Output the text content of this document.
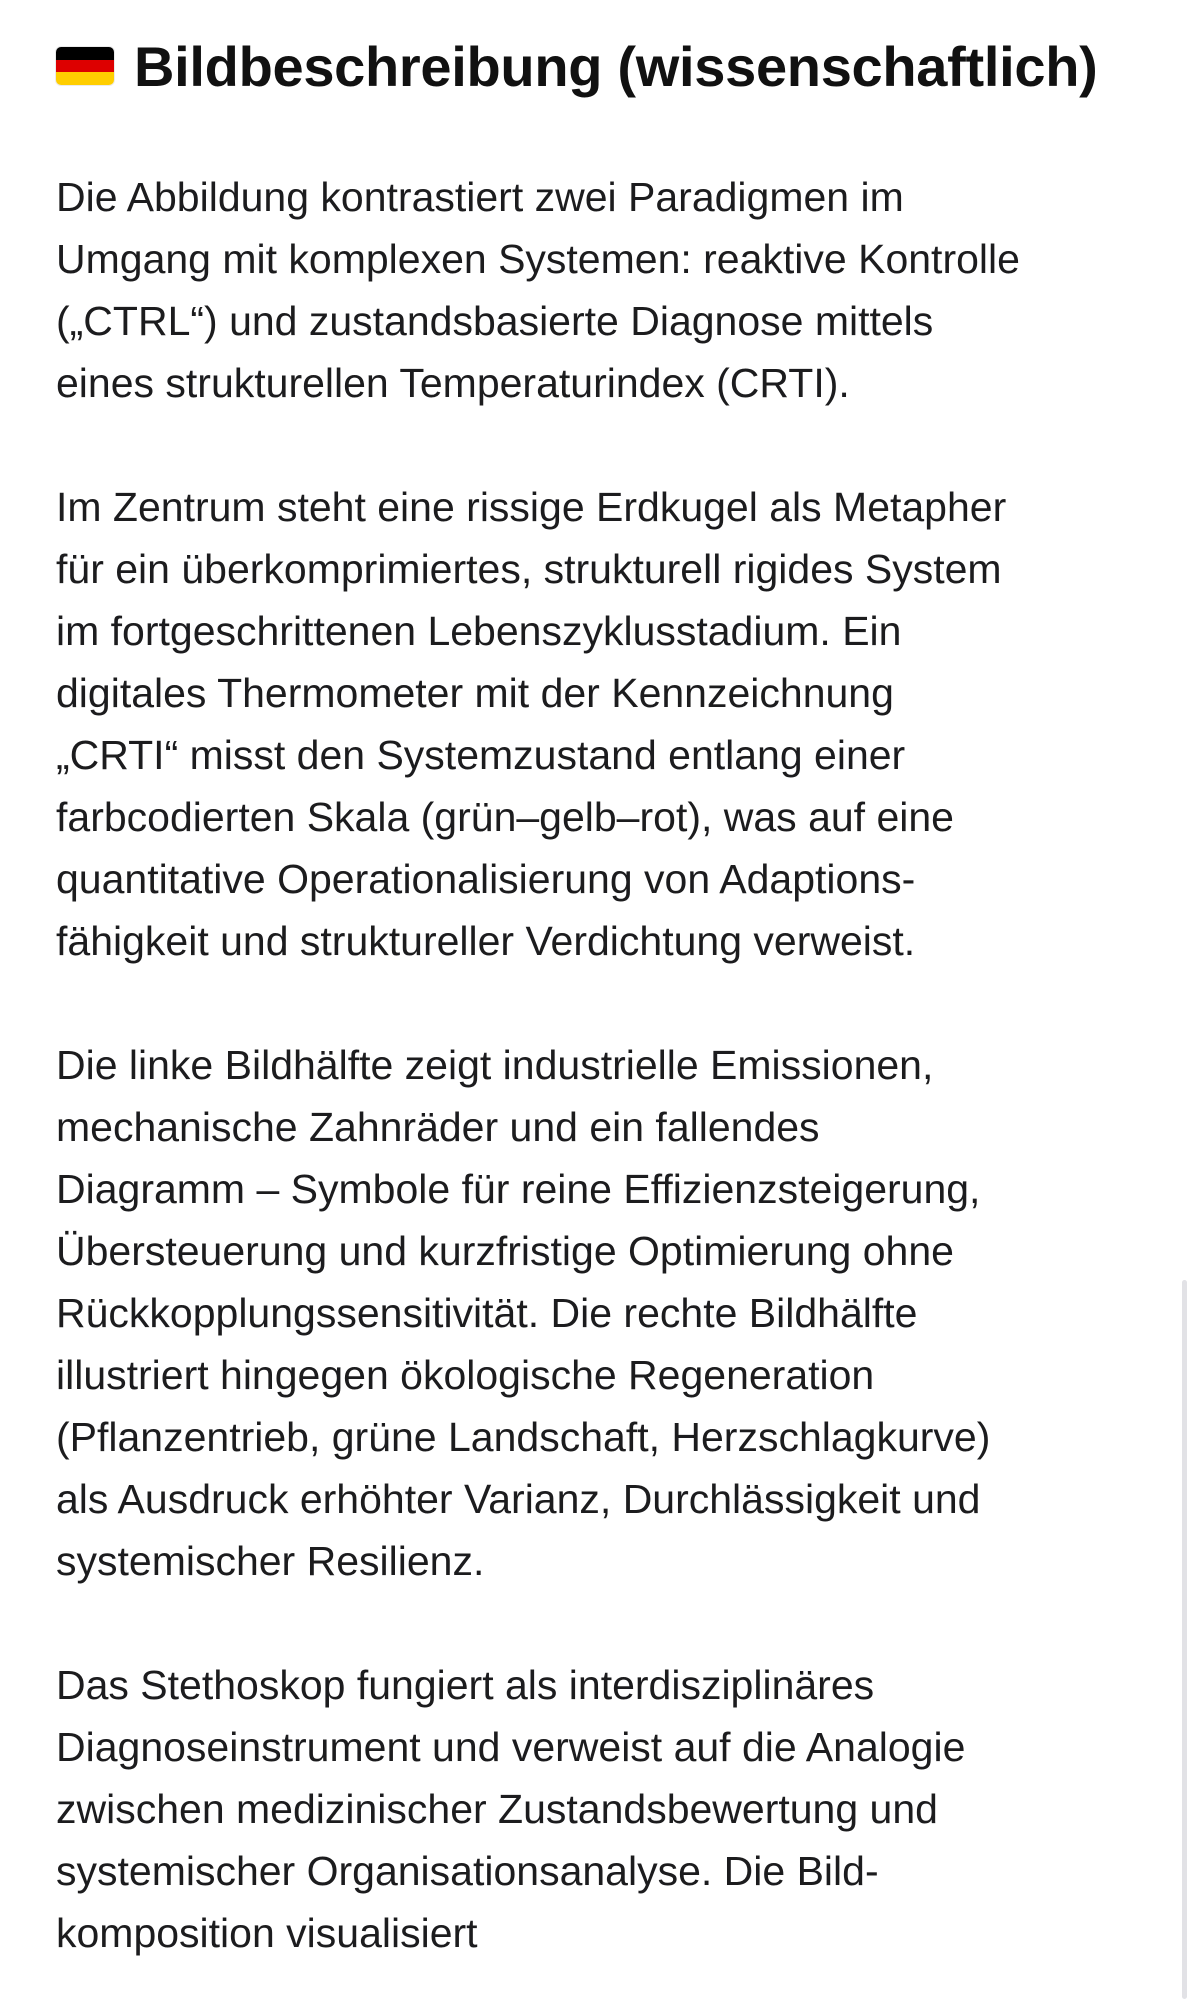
Bildbeschreibung (wissenschaftlich)

Die Abbildung kontrastiert zwei Paradigmen im
Umgang mit komplexen Systemen: reaktive Kontrolle
(„CTRL“) und zustandsbasierte Diagnose mittels
eines strukturellen Temperaturindex (CRTI).

Im Zentrum steht eine rissige Erdkugel als Metapher
für ein überkomprimiertes, strukturell rigides System
im fortgeschrittenen Lebenszyklusstadium. Ein
digitales Thermometer mit der Kennzeichnung
„CRTI“ misst den Systemzustand entlang einer
farbcodierten Skala (grün–gelb–rot), was auf eine
quantitative Operationalisierung von Adaptions-
fähigkeit und struktureller Verdichtung verweist.

Die linke Bildhälfte zeigt industrielle Emissionen,
mechanische Zahnräder und ein fallendes
Diagramm – Symbole für reine Effizienzsteigerung,
Übersteuerung und kurzfristige Optimierung ohne
Rückkopplungssensitivität. Die rechte Bildhälfte
illustriert hingegen ökologische Regeneration
(Pflanzentrieb, grüne Landschaft, Herzschlagkurve)
als Ausdruck erhöhter Varianz, Durchlässigkeit und
systemischer Resilienz.

Das Stethoskop fungiert als interdisziplinäres
Diagnoseinstrument und verweist auf die Analogie
zwischen medizinischer Zustandsbewertung und
systemischer Organisationsanalyse. Die Bild-
komposition visualisiert
